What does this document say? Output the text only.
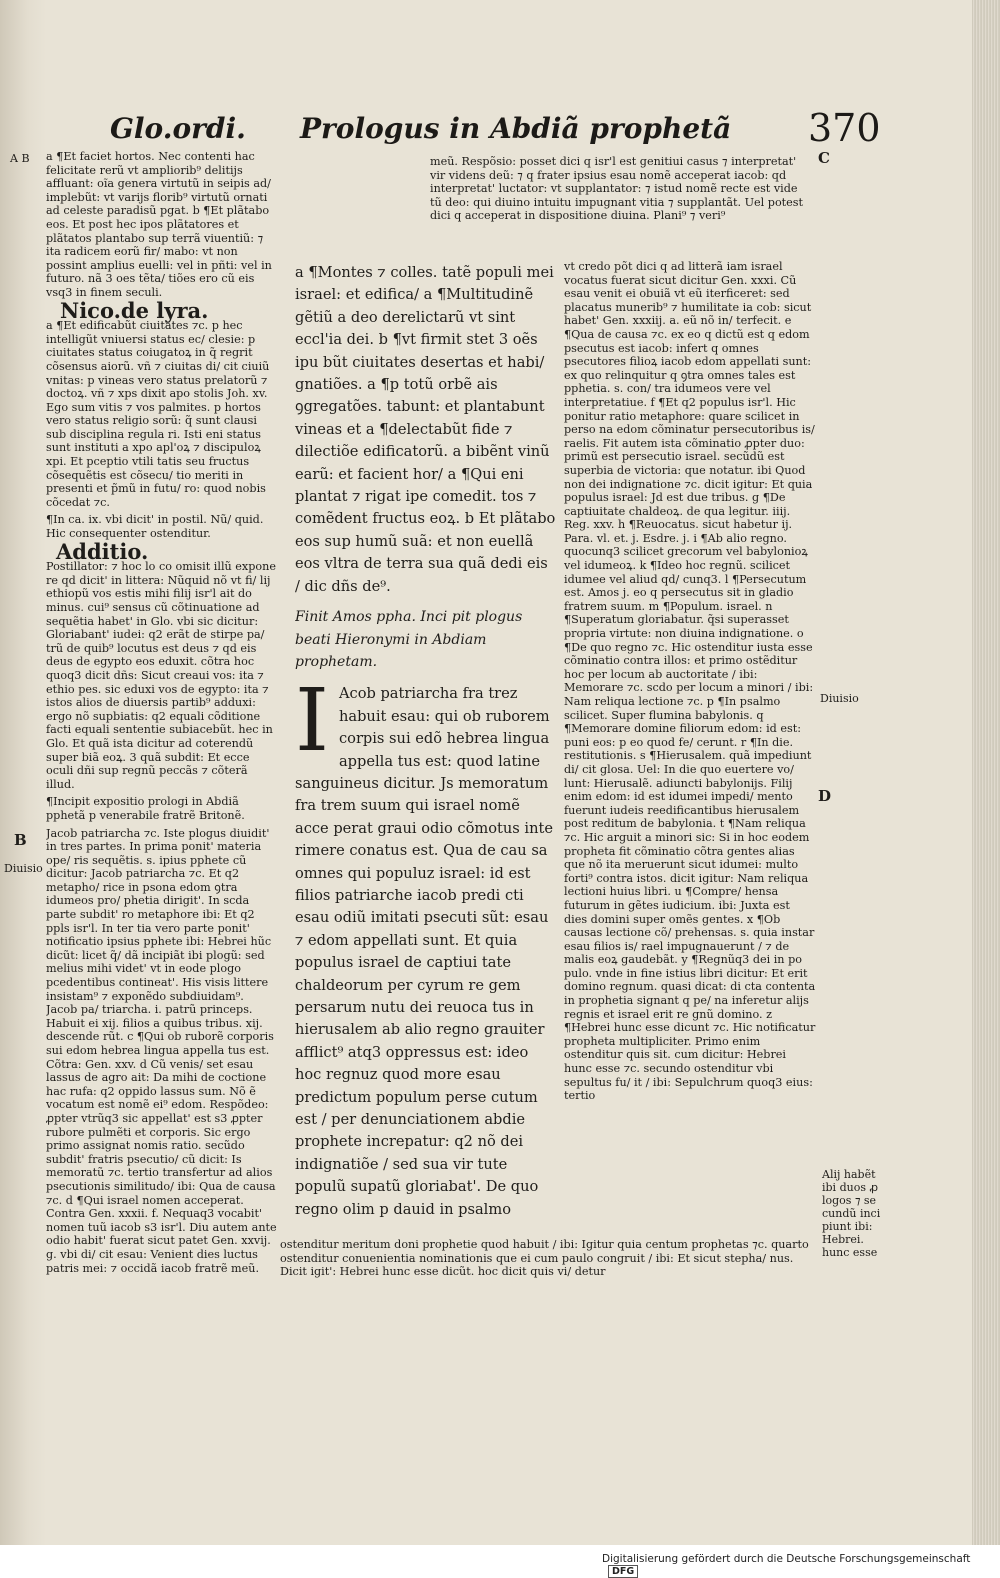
Glo.ordi. Prologus in Abdiã prophetã 370
A B	C
Diuisio
D
B
Diuisio
Alij habẽt ibi duos ꝓ logos ⁊ se cundũ inci piunt ibi: Hebrei. hunc esse

a ¶Et faciet hortos. Nec contenti hac felicitate rerũ vt ampliorib⁹ delitijs affluant: oĩa genera virtutũ in seipis ad/ implebũt: vt varijs florib⁹ virtutũ ornati ad celeste paradisũ pgat. b ¶Et plãtabo eos. Et post hec ipos plãtatores et plãtatos plantabo sup terrã viuentiũ: ⁊ ita radicem eorũ fir/ mabo: vt non possint amplius euelli: vel in pñti: vel in futuro. nã 3 oes tẽta/ tiões ero cũ eis vsq3 in finem seculi.

Nico.de lyra.

a ¶Et edificabũt ciuitates ⁊c. p hec intelligũt vniuersi status ec/ clesie: p ciuitates status coiugatoꝝ in q̃ regrit cõsensus aiorũ. vñ ⁊ ciuitas di/ cit ciuiũ vnitas: p vineas vero status prelatorũ ⁊ doctoꝝ. vñ ⁊ xps dixit apo stolis Joh. xv. Ego sum vitis ⁊ vos palmites. p hortos vero status religio sorũ: q̃ sunt clausi sub disciplina regula ri. Isti eni status sunt instituti a xpo apl'oꝝ ⁊ discipuloꝝ xpi. Et pceptio vtili tatis seu fructus cõsequẽtis est cõsecu/ tio meriti in presenti et p̃mũ in futu/ ro: quod nobis cõcedat ⁊c.

¶In ca. ix. vbi dicit' in postil. Nũ/ quid. Hic consequenter ostenditur.

Additio.

Postillator: ⁊ hoc lo co omisit illũ expone re qd dicit' in littera: Nũquid nõ vt fi/ lij ethiopũ vos estis mihi filij isr'l ait do minus. cui⁹ sensus cũ cõtinuatione ad sequẽtia habet' in Glo. vbi sic dicitur: Gloriabant' iudei: q2 erãt de stirpe pa/ trũ de quib⁹ locutus est deus ⁊ qd eis deus de egypto eos eduxit. cõtra hoc quoq3 dicit dñs: Sicut creaui vos: ita ⁊ ethio pes. sic eduxi vos de egypto: ita ⁊ istos alios de diuersis partib⁹ adduxi: ergo nõ supbiatis: q2 equali cõditione facti equali sententie subiacebũt. hec in Glo. Et quã ista dicitur ad coterendũ super biã eoꝝ. 3 quã subdit: Et ecce oculi dñi sup regnũ peccãs ⁊ cõterã illud.

¶Incipit expositio prologi in Abdiã pphetã p venerabile fratrẽ Britonẽ.

Jacob patriarcha ⁊c. Iste plogus diuidit' in tres partes. In prima ponit' materia ope/ ris sequẽtis. s. ipius pphete cũ dicitur: Jacob patriarcha ⁊c. Et q2 metapho/ rice in psona edom ꝯtra idumeos pro/ phetia dirigit'. In scda parte subdit' ro metaphore ibi: Et q2 ppls isr'l. In ter tia vero parte ponit' notificatio ipsius pphete ibi: Hebrei hũc dicũt: licet q̃/ dã incipiãt ibi plogũ: sed melius mihi videt' vt in eode plogo pcedentibus contineat'. His visis littere insistam⁹ ⁊ exponẽdo subdiuidam⁹. Jacob pa/ triarcha. i. patrũ princeps. Habuit ei xij. filios a quibus tribus. xij. descende rũt. c ¶Qui ob ruborẽ corporis sui edom hebrea lingua appella tus est. Cõtra: Gen. xxv. d Cũ venis/ set esau lassus de agro ait: Da mihi de coctione hac rufa: q2 oppido lassus sum. Nõ ẽ vocatum est nomẽ ei⁹ edom. Respõdeo: ꝓpter vtrũq3 sic appellat' est s3 ꝓpter rubore pulmẽti et corporis. Sic ergo primo assignat nomis ratio. secũdo subdit' fratris psecutio/ cũ dicit: Is memoratũ ⁊c. tertio transfertur ad alios psecutionis similitudo/ ibi: Qua de causa ⁊c. d ¶Qui israel nomen acceperat. Contra Gen. xxxii. f. Nequaq3 vocabit' nomen tuũ iacob s3 isr'l. Diu autem ante odio habit' fuerat sicut patet Gen. xxvij. g. vbi di/ cit esau: Venient dies luctus patris mei: ⁊ occidã iacob fratrẽ meũ.

meũ. Respõsio: posset dici q isr'l est genitiui casus ⁊ interpretat' vir videns deũ: ⁊ q frater ipsius esau nomẽ acceperat iacob: qd interpretat' luctator: vt supplantator: ⁊ istud nomẽ recte est vide tũ deo: qui diuino intuitu impugnant vitia ⁊ supplantãt. Uel potest dici q acceperat in dispositione diuina. Plani⁹ ⁊ veri⁹

a ¶Montes ⁊ colles. tatẽ populi mei israel: et edifica/ a ¶Multitudinẽ gẽtiũ a deo derelictarũ vt sint eccl'ia dei. b ¶vt firmit stet 3 oẽs ipu bũt ciuitates desertas et habi/ gnatiões. a ¶p totũ orbẽ ais ꝯgregatões. tabunt: et plantabunt vineas et a ¶delectabũt fide ⁊ dilectiõe edificatorũ. a bibẽnt vinũ earũ: et facient hor/ a ¶Qui eni plantat ⁊ rigat ipe comedit. tos ⁊ comẽdent fructus eoꝝ. b Et plãtabo eos sup humũ suã: et non euellã eos vltra de terra sua quã dedi eis / dic dñs de⁹.

Finit Amos ppha. Inci pit plogus beati Hieronymi in Abdiam prophetam.
I Acob patriarcha fra trez habuit esau: qui ob ruborem corpis sui edõ hebrea lingua appella tus est: quod latine sanguineus dicitur. Js memoratum fra trem suum qui israel nomẽ acce perat graui odio cõmotus inte rimere conatus est. Qua de cau sa omnes qui populuz israel: id est filios patriarche iacob predi cti esau odiũ imitati psecuti sũt: esau ⁊ edom appellati sunt. Et quia populus israel de captiui tate chaldeorum per cyrum re gem persarum nutu dei reuoca tus in hierusalem ab alio regno grauiter afflict⁹ atq3 oppressus est: ideo hoc regnuz quod more esau predictum populum perse cutum est / per denunciationem abdie prophete increpatur: q2 nõ dei indignatiõe / sed sua vir tute populũ supatũ gloriabat'. De quo regno olim p dauid in psalmo

vt credo põt dici q ad litterã iam israel vocatus fuerat sicut dicitur Gen. xxxi. Cũ esau venit ei obuiã vt eũ iterficeret: sed placatus munerib⁹ ⁊ humilitate ia cob: sicut habet' Gen. xxxiij. a. eũ nõ in/ terfecit. e ¶Qua de causa ⁊c. ex eo q dictũ est q edom psecutus est iacob: infert q omnes psecutores filioꝝ iacob edom appellati sunt: ex quo relinquitur q ꝯtra omnes tales est pphetia. s. con/ tra idumeos vere vel interpretatiue. f ¶Et q2 populus isr'l. Hic ponitur ratio metaphore: quare scilicet in perso na edom cõminatur persecutoribus is/ raelis. Fit autem ista cõminatio ꝓpter duo: primũ est persecutio israel. secũdũ est superbia de victoria: que notatur. ibi Quod non dei indignatione ⁊c. dicit igitur: Et quia populus israel: Jd est due tribus. g ¶De captiuitate chaldeoꝝ. de qua legitur. iiij. Reg. xxv. h ¶Reuocatus. sicut habetur ij. Para. vl. et. j. Esdre. j. i ¶Ab alio regno. quocunq3 scilicet grecorum vel babylonioꝝ vel idumeoꝝ. k ¶Ideo hoc regnũ. scilicet idumee vel aliud qd/ cunq3. l ¶Persecutum est. Amos j. eo q persecutus sit in gladio fratrem suum. m ¶Populum. israel. n ¶Superatum gloriabatur. q̃si superasset propria virtute: non diuina indignatione. o ¶De quo regno ⁊c. Hic ostenditur iusta esse cõminatio contra illos: et primo ostẽditur hoc per locum ab auctoritate / ibi: Memorare ⁊c. scdo per locum a minori / ibi: Nam reliqua lectione ⁊c. p ¶In psalmo scilicet. Super flumina babylonis. q ¶Memorare domine filiorum edom: id est: puni eos: p eo quod fe/ cerunt. r ¶In die. restitutionis. s ¶Hierusalem. quã impediunt di/ cit glosa. Uel: In die quo euertere vo/ lunt: Hierusalẽ. adiuncti babylonijs. Filij enim edom: id est idumei impedi/ mento fuerunt iudeis reedificantibus hierusalem post reditum de babylonia. t ¶Nam reliqua ⁊c. Hic arguit a minori sic: Si in hoc eodem propheta fit cõminatio cõtra gentes alias que nõ ita meruerunt sicut idumei: multo forti⁹ contra istos. dicit igitur: Nam reliqua lectioni huius libri. u ¶Compre/ hensa futurum in gẽtes iudicium. ibi: Juxta est dies domini super omẽs gentes. x ¶Ob causas lectione cõ/ prehensas. s. quia instar esau filios is/ rael impugnauerunt / ⁊ de malis eoꝝ gaudebãt. y ¶Regnũq3 dei in po pulo. vnde in fine istius libri dicitur: Et erit domino regnum. quasi dicat: di cta contenta in prophetia signant q pe/ na inferetur alijs regnis et israel erit re gnũ domino. z ¶Hebrei hunc esse dicunt ⁊c. Hic notificatur propheta multipliciter. Primo enim ostenditur quis sit. cum dicitur: Hebrei hunc esse ⁊c. secundo ostenditur vbi sepultus fu/ it / ibi: Sepulchrum quoq3 eius: tertio

ostenditur meritum doni prophetie quod habuit / ibi: Igitur quia centum prophetas ⁊c. quarto ostenditur conuenientia nominationis que ei cum paulo congruit / ibi: Et sicut stepha/ nus. Dicit igit': Hebrei hunc esse dicũt. hoc dicit quis vi/ detur

Digitalisierung gefördert durch die Deutsche Forschungsgemeinschaft DFG
